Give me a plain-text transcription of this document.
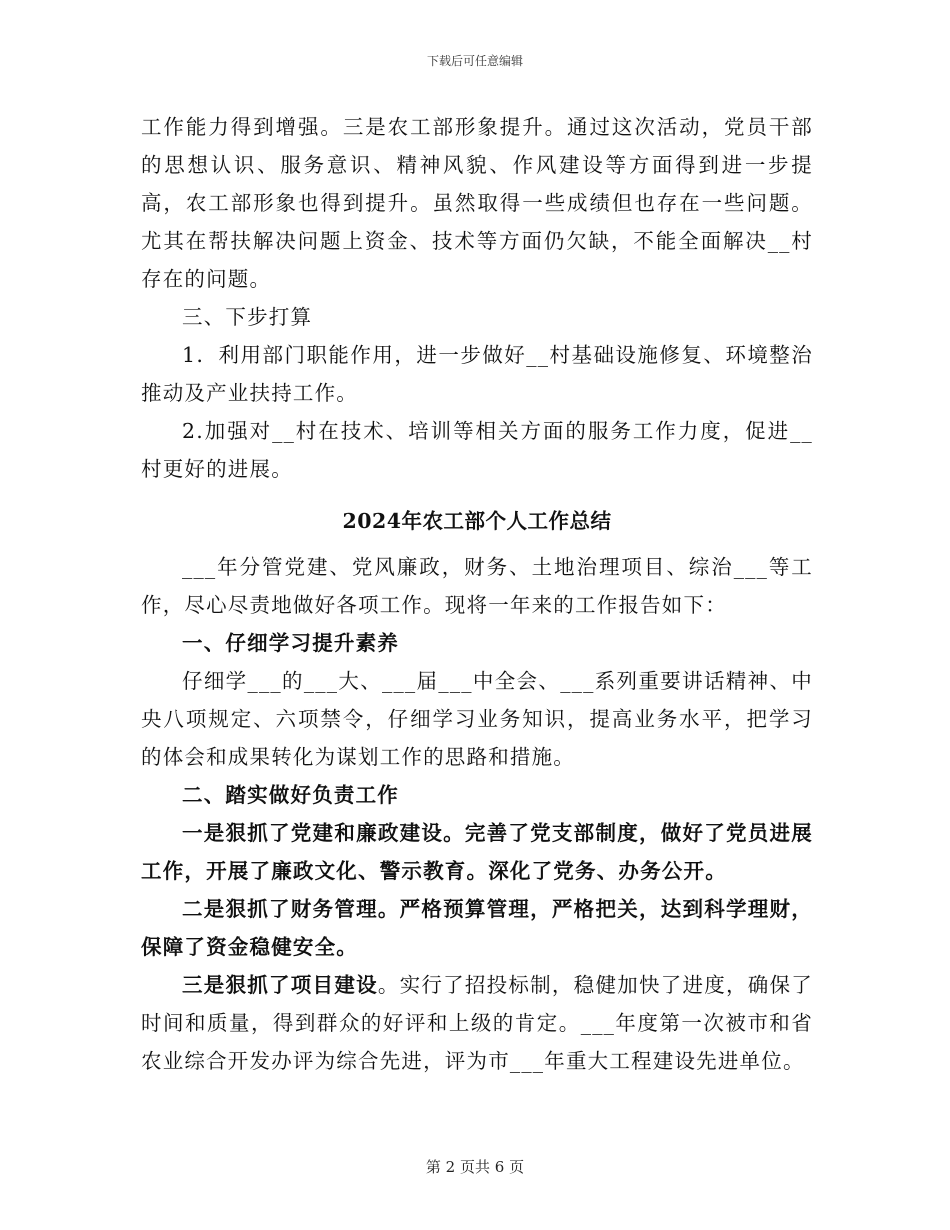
下载后可任意编辑

工作能力得到增强。三是农工部形象提升。通过这次活动，党员干部的思想认识、服务意识、精神风貌、作风建设等方面得到进一步提高，农工部形象也得到提升。虽然取得一些成绩但也存在一些问题。尤其在帮扶解决问题上资金、技术等方面仍欠缺，不能全面解决__村存在的问题。

三、下步打算

1．利用部门职能作用，进一步做好__村基础设施修复、环境整治推动及产业扶持工作。

2.加强对__村在技术、培训等相关方面的服务工作力度，促进__村更好的进展。

2024年农工部个人工作总结

___年分管党建、党风廉政，财务、土地治理项目、综治___等工作，尽心尽责地做好各项工作。现将一年来的工作报告如下：

一、仔细学习提升素养

仔细学___的___大、___届___中全会、___系列重要讲话精神、中央八项规定、六项禁令，仔细学习业务知识，提高业务水平，把学习的体会和成果转化为谋划工作的思路和措施。

二、踏实做好负责工作

一是狠抓了党建和廉政建设。完善了党支部制度，做好了党员进展工作，开展了廉政文化、警示教育。深化了党务、办务公开。

二是狠抓了财务管理。严格预算管理，严格把关，达到科学理财，保障了资金稳健安全。

三是狠抓了项目建设。实行了招投标制，稳健加快了进度，确保了时间和质量，得到群众的好评和上级的肯定。___年度第一次被市和省农业综合开发办评为综合先进，评为市___年重大工程建设先进单位。

第 2 页共 6 页
